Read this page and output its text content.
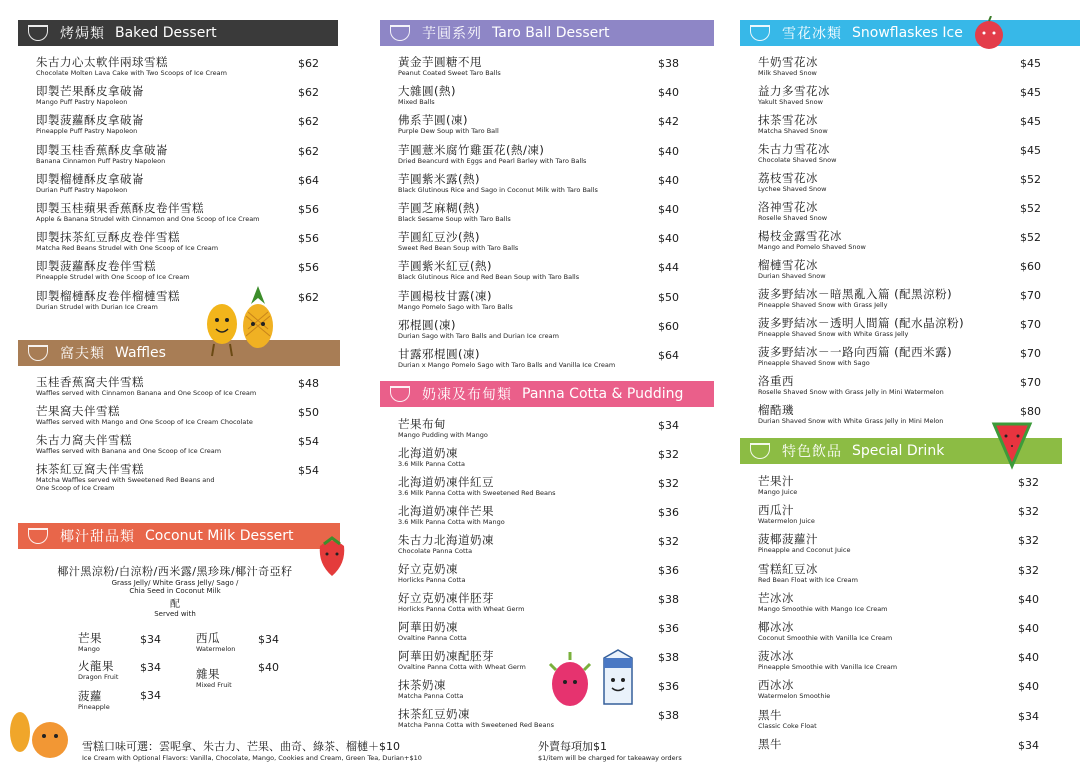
烤焗類 Baked Dessert
朱古力心太軟伴兩球雪糕
Chocolate Molten Lava Cake with Two Scoops of Ice Cream
$62
即製芒果酥皮拿破崙
Mango Puff Pastry Napoleon
$62
即製菠蘿酥皮拿破崙
Pineapple Puff Pastry Napoleon
$62
即製玉桂香蕉酥皮拿破崙
Banana Cinnamon Puff Pastry Napoleon
$62
即製榴槤酥皮拿破崙
Durian Puff Pastry Napoleon
$64
即製玉桂蘋果香蕉酥皮卷伴雪糕
Apple & Banana Strudel with Cinnamon and One Scoop of Ice Cream
$56
即製抹茶紅豆酥皮卷伴雪糕
Matcha Red Beans Strudel with One Scoop of Ice Cream
$56
即製菠蘿酥皮卷伴雪糕
Pineapple Strudel with One Scoop of Ice Cream
$56
即製榴槤酥皮卷伴榴槤雪糕
Durian Strudel with Durian Ice Cream
$62
窩夫類 Waffles
玉桂香蕉窩夫伴雪糕
Waffles served with Cinnamon Banana and One Scoop of Ice Cream
$48
芒果窩夫伴雪糕
Waffles served with Mango and One Scoop of Ice Cream Chocolate
$50
朱古力窩夫伴雪糕
Waffles served with Banana and One Scoop of Ice Cream
$54
抹茶紅豆窩夫伴雪糕
Matcha Waffles served with Sweetened Red Beans and
One Scoop of Ice Cream
$54
椰汁甜品類 Coconut Milk Dessert
椰汁黑涼粉/白涼粉/西米露/黑珍珠/椰汁奇亞籽
Grass Jelly/ White Grass Jelly/ Sago /
Chia Seed in Coconut Milk
配
Served with
芒果
Mango
$34	西瓜
Watermelon
$34
火龍果
Dragon Fruit
$34	雜果
Mixed Fruit
$40
菠蘿
Pineapple
$34
芋圓系列 Taro Ball Dessert
黃金芋圓糖不甩
Peanut Coated Sweet Taro Balls
$38
大雜圓(熱)
Mixed Balls
$40
佛系芋圓(凍)
Purple Dew Soup with Taro Ball
$42
芋圓薏米腐竹雞蛋花(熱/凍)
Dried Beancurd with Eggs and Pearl Barley with Taro Balls
$40
芋圓紫米露(熱)
Black Glutinous Rice and Sago in Coconut Milk with Taro Balls
$40
芋圓芝麻糊(熱)
Black Sesame Soup with Taro Balls
$40
芋圓紅豆沙(熱)
Sweet Red Bean Soup with Taro Balls
$40
芋圓紫米紅豆(熱)
Black Glutinous Rice and Red Bean Soup with Taro Balls
$44
芋圓楊枝甘露(凍)
Mango Pomelo Sago with Taro Balls
$50
邪棍圓(凍)
Durian Sago with Taro Balls and Durian Ice cream
$60
甘露邪棍圓(凍)
Durian x Mango Pomelo Sago with Taro Balls and Vanilla Ice Cream
$64
奶凍及布甸類 Panna Cotta & Pudding
芒果布甸
Mango Pudding with Mango
$34
北海道奶凍
3.6 Milk Panna Cotta
$32
北海道奶凍伴紅豆
3.6 Milk Panna Cotta with Sweetened Red Beans
$32
北海道奶凍伴芒果
3.6 Milk Panna Cotta with Mango
$36
朱古力北海道奶凍
Chocolate Panna Cotta
$32
好立克奶凍
Horlicks Panna Cotta
$36
好立克奶凍伴胚芽
Horlicks Panna Cotta with Wheat Germ
$38
阿華田奶凍
Ovaltine Panna Cotta
$36
阿華田奶凍配胚芽
Ovaltine Panna Cotta with Wheat Germ
$38
抹茶奶凍
Matcha Panna Cotta
$36
抹茶紅豆奶凍
Matcha Panna Cotta with Sweetened Red Beans
$38
雪花冰類 Snowflaskes Ice
牛奶雪花冰
Milk Shaved Snow
$45
益力多雪花冰
Yakult Shaved Snow
$45
抹茶雪花冰
Matcha Shaved Snow
$45
朱古力雪花冰
Chocolate Shaved Snow
$45
荔枝雪花冰
Lychee Shaved Snow
$52
洛神雪花冰
Roselle Shaved Snow
$52
楊枝金露雪花冰
Mango and Pomelo Shaved Snow
$52
榴槤雪花冰
Durian Shaved Snow
$60
菠多野結冰－暗黑亂入篇 (配黑涼粉)
Pineapple Shaved Snow with Grass Jelly
$70
菠多野結冰－透明人間篇 (配水晶涼粉)
Pineapple Shaved Snow with White Grass Jelly
$70
菠多野結冰－一路向西篇 (配西米露)
Pineapple Shaved Snow with Sago
$70
洛重西
Roselle Shaved Snow with Grass Jelly in Mini Watermelon
$70
榴酷璣
Durian Shaved Snow with White Grass Jelly in Mini Melon
$80
特色飲品 Special Drink
芒果汁
Mango Juice
$32
西瓜汁
Watermelon Juice
$32
菠椰菠蘿汁
Pineapple and Coconut Juice
$32
雪糕紅豆冰
Red Bean Float with Ice Cream
$32
芒冰冰
Mango Smoothie with Mango Ice Cream
$40
椰冰冰
Coconut Smoothie with Vanilla Ice Cream
$40
菠冰冰
Pineapple Smoothie with Vanilla Ice Cream
$40
西冰冰
Watermelon Smoothie
$40
黑牛
Classic Coke Float
$34
黑牛	$34
雪糕口味可選：雲呢拿、朱古力、芒果、曲奇、綠茶、榴槤＋$10
Ice Cream with Optional Flavors: Vanilla, Chocolate, Mango, Cookies and Cream, Green Tea, Durian+$10
外賣每項加$1
$1/item will be charged for takeaway orders
